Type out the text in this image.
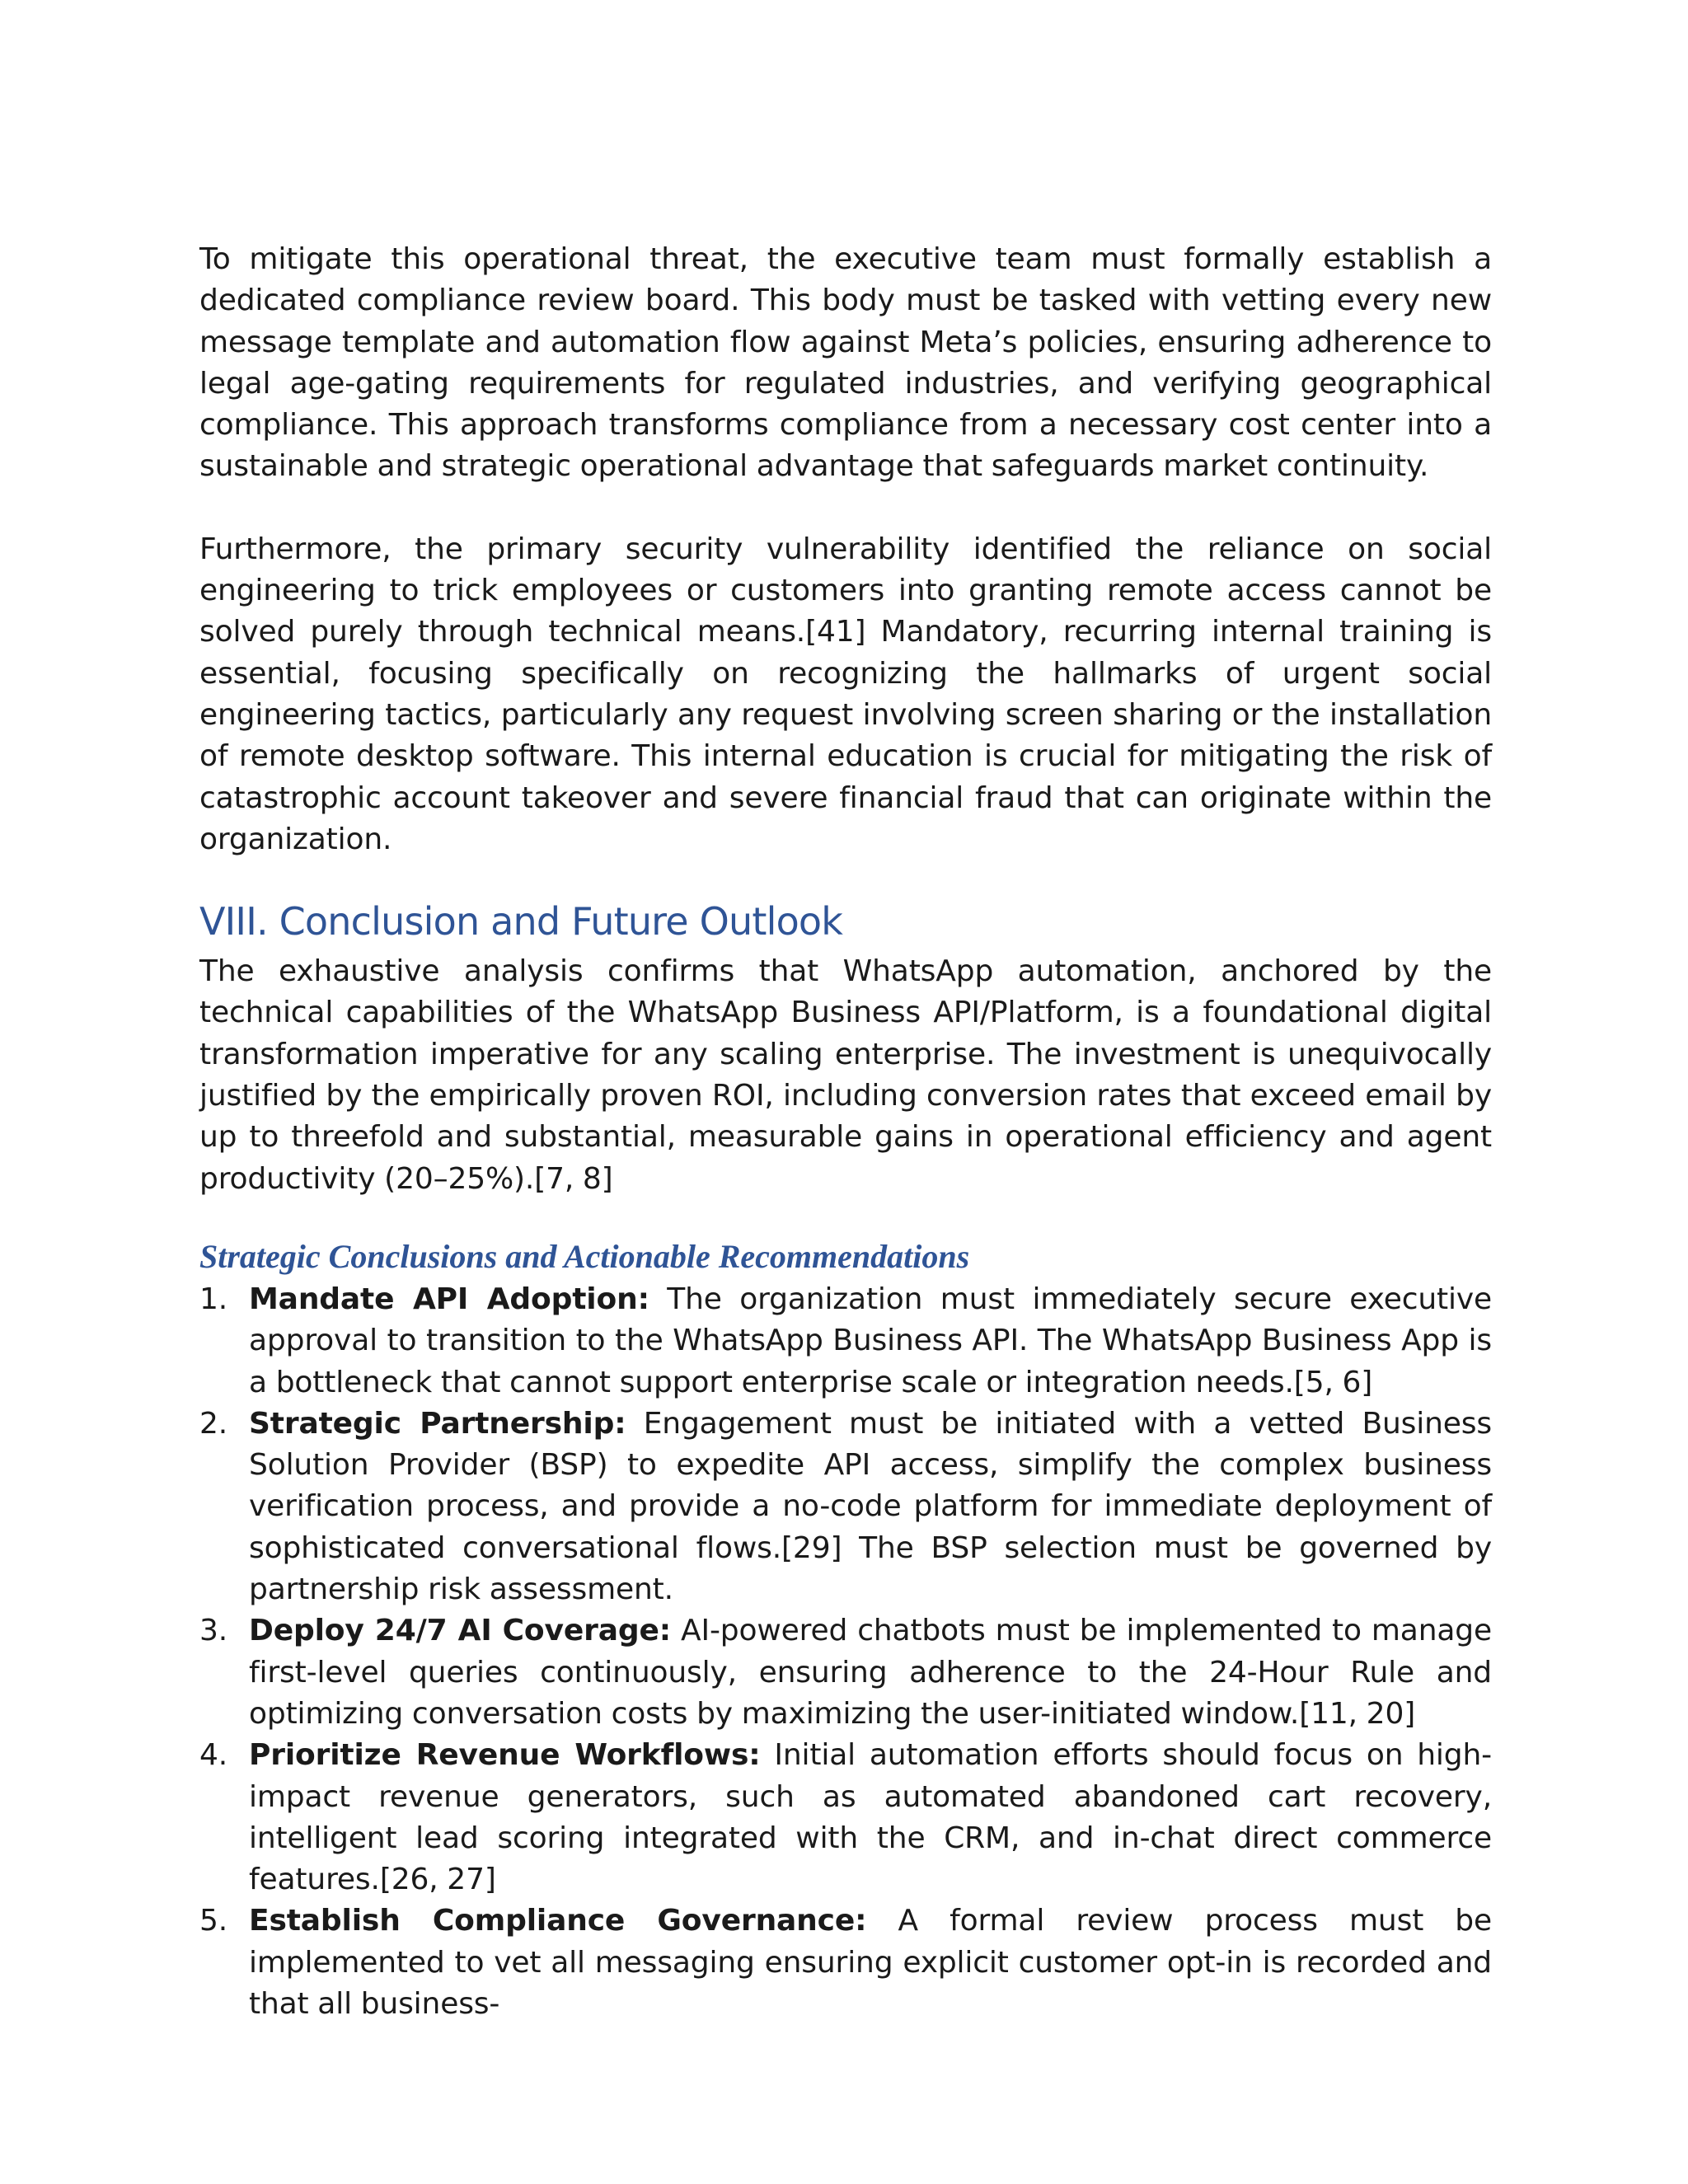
To mitigate this operational threat, the executive team must formally establish a dedicated compliance review board. This body must be tasked with vetting every new message template and automation flow against Meta’s policies, ensuring adherence to legal age-gating requirements for regulated industries, and verifying geographical compliance. This approach transforms compliance from a necessary cost center into a sustainable and strategic operational advantage that safeguards market continuity.

Furthermore, the primary security vulnerability identified the reliance on social engineering to trick employees or customers into granting remote access cannot be solved purely through technical means.[41] Mandatory, recurring internal training is essential, focusing specifically on recognizing the hallmarks of urgent social engineering tactics, particularly any request involving screen sharing or the installation of remote desktop software. This internal education is crucial for mitigating the risk of catastrophic account takeover and severe financial fraud that can originate within the organization.

VIII. Conclusion and Future Outlook

The exhaustive analysis confirms that WhatsApp automation, anchored by the technical capabilities of the WhatsApp Business API/Platform, is a foundational digital transformation imperative for any scaling enterprise. The investment is unequivocally justified by the empirically proven ROI, including conversion rates that exceed email by up to threefold and substantial, measurable gains in operational efficiency and agent productivity (20–25%).[7, 8]

Strategic Conclusions and Actionable Recommendations
1. Mandate API Adoption: The organization must immediately secure executive approval to transition to the WhatsApp Business API. The WhatsApp Business App is a bottleneck that cannot support enterprise scale or integration needs.[5, 6]
2. Strategic Partnership: Engagement must be initiated with a vetted Business Solution Provider (BSP) to expedite API access, simplify the complex business verification process, and provide a no-code platform for immediate deployment of sophisticated conversational flows.[29] The BSP selection must be governed by partnership risk assessment.
3. Deploy 24/7 AI Coverage: AI-powered chatbots must be implemented to manage first-level queries continuously, ensuring adherence to the 24-Hour Rule and optimizing conversation costs by maximizing the user-initiated window.[11, 20]
4. Prioritize Revenue Workflows: Initial automation efforts should focus on high-impact revenue generators, such as automated abandoned cart recovery, intelligent lead scoring integrated with the CRM, and in-chat direct commerce features.[26, 27]
5. Establish Compliance Governance: A formal review process must be implemented to vet all messaging ensuring explicit customer opt-in is recorded and that all business-
